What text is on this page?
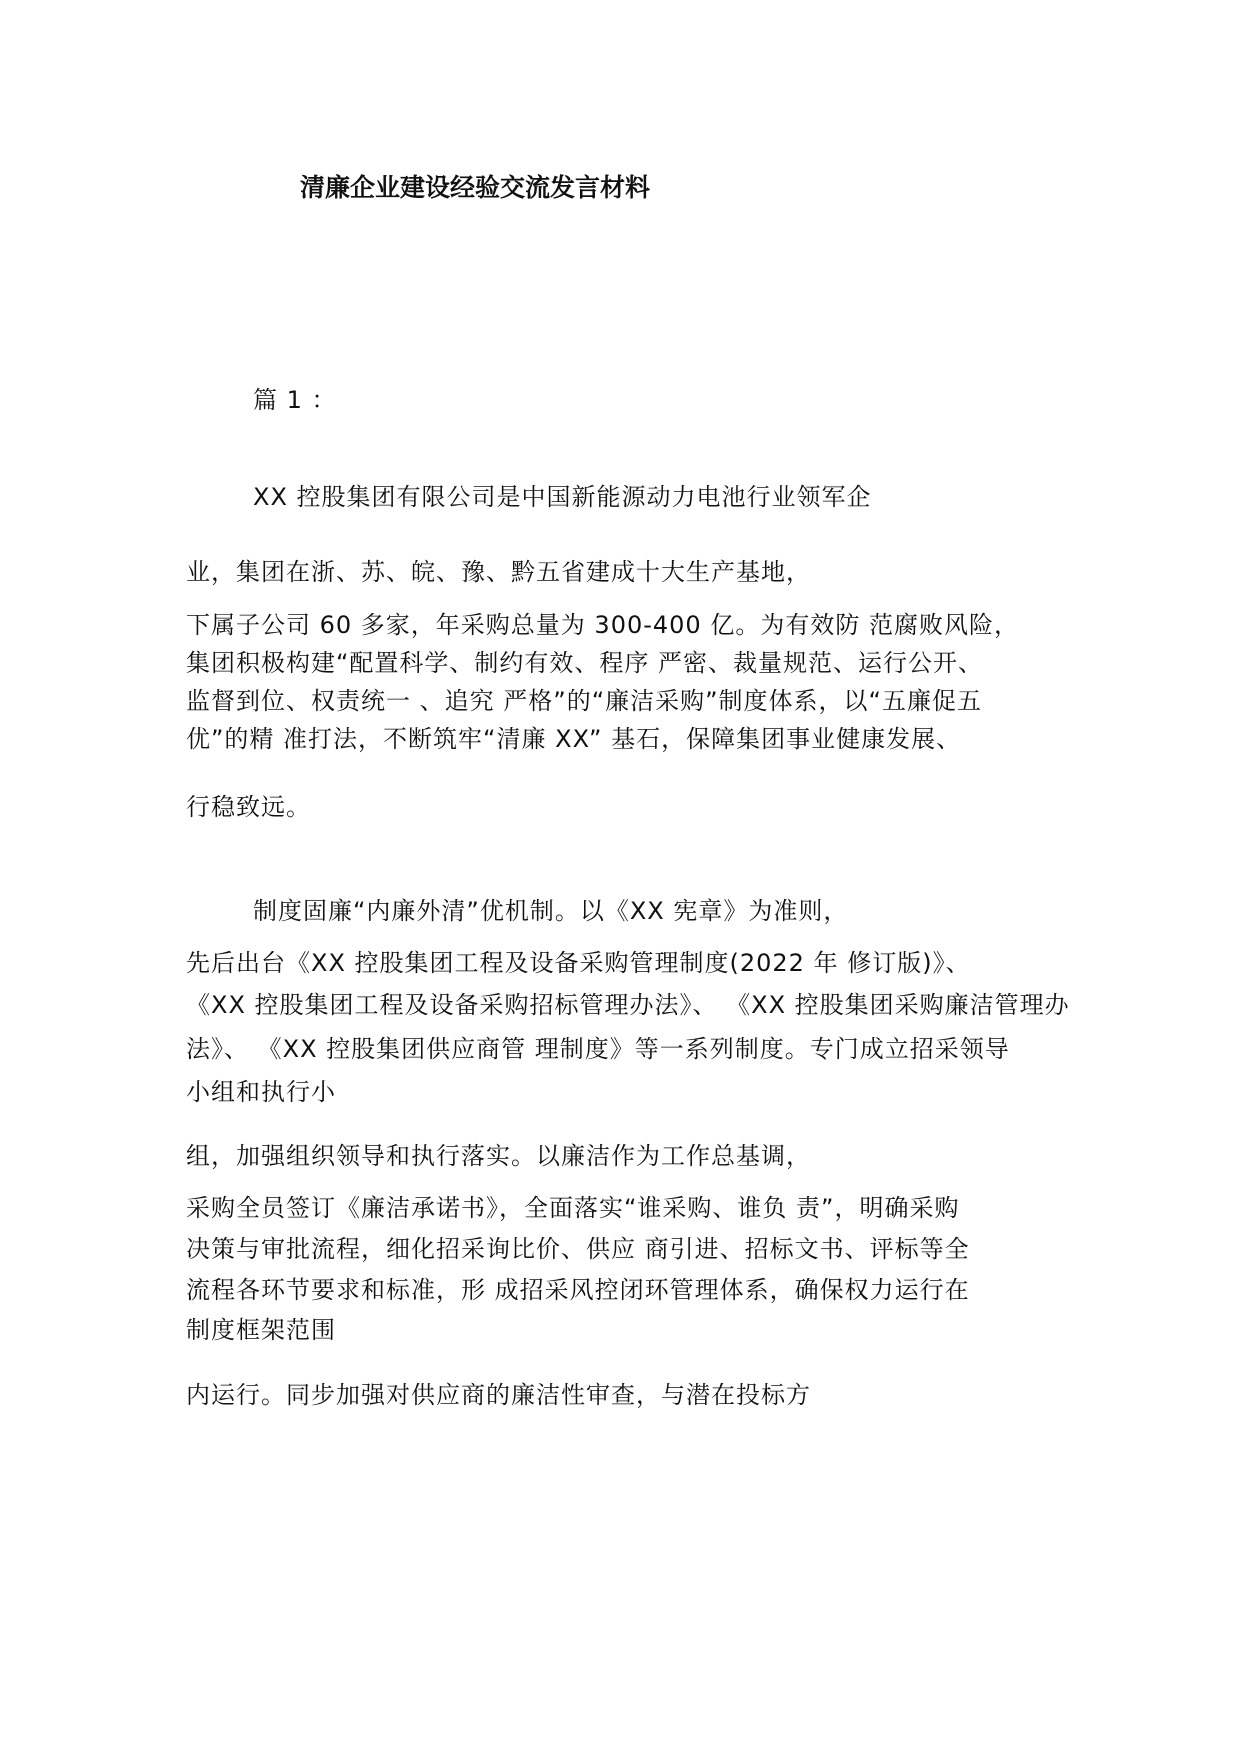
清廉企业建设经验交流发言材料
篇 1 ：
XX 控股集团有限公司是中国新能源动力电池行业领军企
业，集团在浙、苏、皖、豫、黔五省建成十大生产基地，
下属子公司 60 多家，年采购总量为 300-400 亿。为有效防 范腐败风险，
集团积极构建“配置科学、制约有效、程序 严密、裁量规范、运行公开、
监督到位、权责统一 、追究 严格”的“廉洁采购”制度体系，以“五廉促五
优”的精 准打法，不断筑牢“清廉 XX” 基石，保障集团事业健康发展、
行稳致远。
制度固廉“内廉外清”优机制。以《XX 宪章》为准则，
先后出台《XX 控股集团工程及设备采购管理制度(2022 年 修订版)》、
《XX 控股集团工程及设备采购招标管理办法》、 《XX 控股集团采购廉洁管理办
法》、 《XX 控股集团供应商管 理制度》等一系列制度。专门成立招采领导
小组和执行小
组，加强组织领导和执行落实。以廉洁作为工作总基调，
采购全员签订《廉洁承诺书》，全面落实“谁采购、谁负 责”，明确采购
决策与审批流程，细化招采询比价、供应 商引进、招标文书、评标等全
流程各环节要求和标准，形 成招采风控闭环管理体系，确保权力运行在
制度框架范围
内运行。同步加强对供应商的廉洁性审查，与潜在投标方
